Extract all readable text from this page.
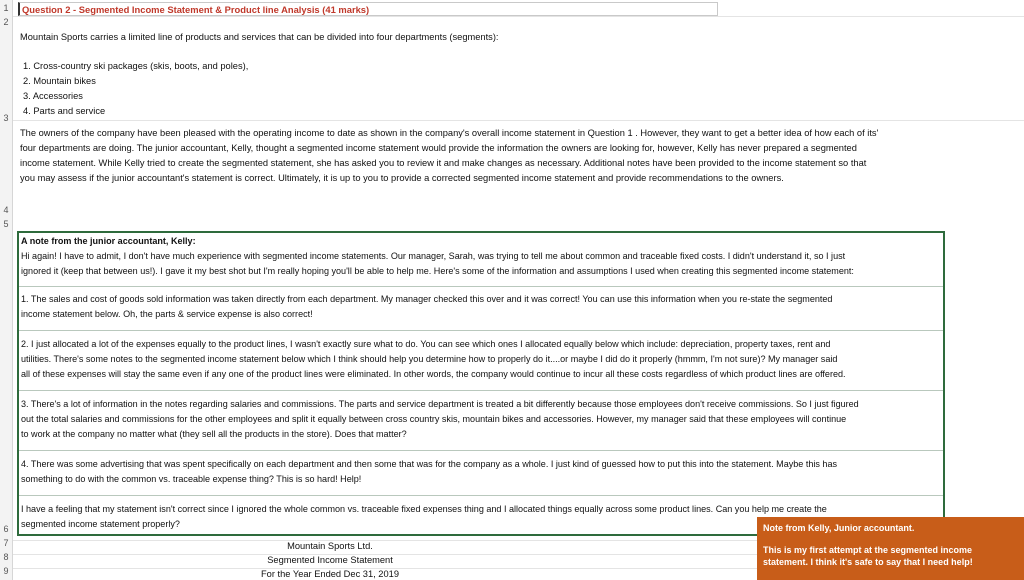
1
2
3
4
5
6
7
8
9
Question 2 - Segmented Income Statement & Product line Analysis (41 marks)
Mountain Sports carries a limited line of products and services that can be divided into four departments (segments):
1. Cross-country ski packages (skis, boots, and poles),
2. Mountain bikes
3. Accessories
4. Parts and service
The owners of the company have been pleased with the operating income to date as shown in the company's overall income statement in Question 1 . However, they want to get a better idea of how each of its'
four departments are doing. The junior accountant, Kelly, thought a segmented income statement would provide the information the owners are looking for, however, Kelly has never prepared a segmented
income statement. While Kelly tried to create the segmented statement, she has asked you to review it and make changes as necessary. Additional notes have been provided to the income statement so that
you may assess if the junior accountant's statement is correct. Ultimately, it is up to you to provide a corrected segmented income statement and provide recommendations to the owners.
A note from the junior accountant, Kelly:
Hi again! I have to admit, I don't have much experience with segmented income statements. Our manager, Sarah, was trying to tell me about common and traceable fixed costs. I didn't understand it, so I just
ignored it (keep that between us!). I gave it my best shot but I'm really hoping you'll be able to help me. Here's some of the information and assumptions I used when creating this segmented income statement:
1. The sales and cost of goods sold information was taken directly from each department. My manager checked this over and it was correct! You can use this information when you re-state the segmented
income statement below. Oh, the parts & service expense is also correct!
2. I just allocated a lot of the expenses equally to the product lines, I wasn't exactly sure what to do. You can see which ones I allocated equally below which include: depreciation, property taxes, rent and
utilities. There's some notes to the segmented income statement below which I think should help you determine how to properly do it....or maybe I did do it properly (hmmm, I'm not sure)? My manager said
all of these expenses will stay the same even if any one of the product lines were eliminated. In other words, the company would continue to incur all these costs regardless of which product lines are offered.
3. There's a lot of information in the notes regarding salaries and commissions. The parts and service department is treated a bit differently because those employees don't receive commissions. So I just figured
out the total salaries and commissions for the other employees and split it equally between cross country skis, mountain bikes and accessories. However, my manager said that these employees will continue
to work at the company no matter what (they sell all the products in the store). Does that matter?
4. There was some advertising that was spent specifically on each department and then some that was for the company as a whole. I just kind of guessed how to put this into the statement. Maybe this has
something to do with the common vs. traceable expense thing? This is so hard! Help!
I have a feeling that my statement isn't correct since I ignored the whole common vs. traceable fixed expenses thing and I allocated things equally across some product lines. Can you help me create the
segmented income statement properly?
Mountain Sports Ltd.
Segmented Income Statement
For the Year Ended Dec 31, 2019
Note from Kelly, Junior accountant.
This is my first attempt at the segmented income
statement. I think it's safe to say that I need help!
